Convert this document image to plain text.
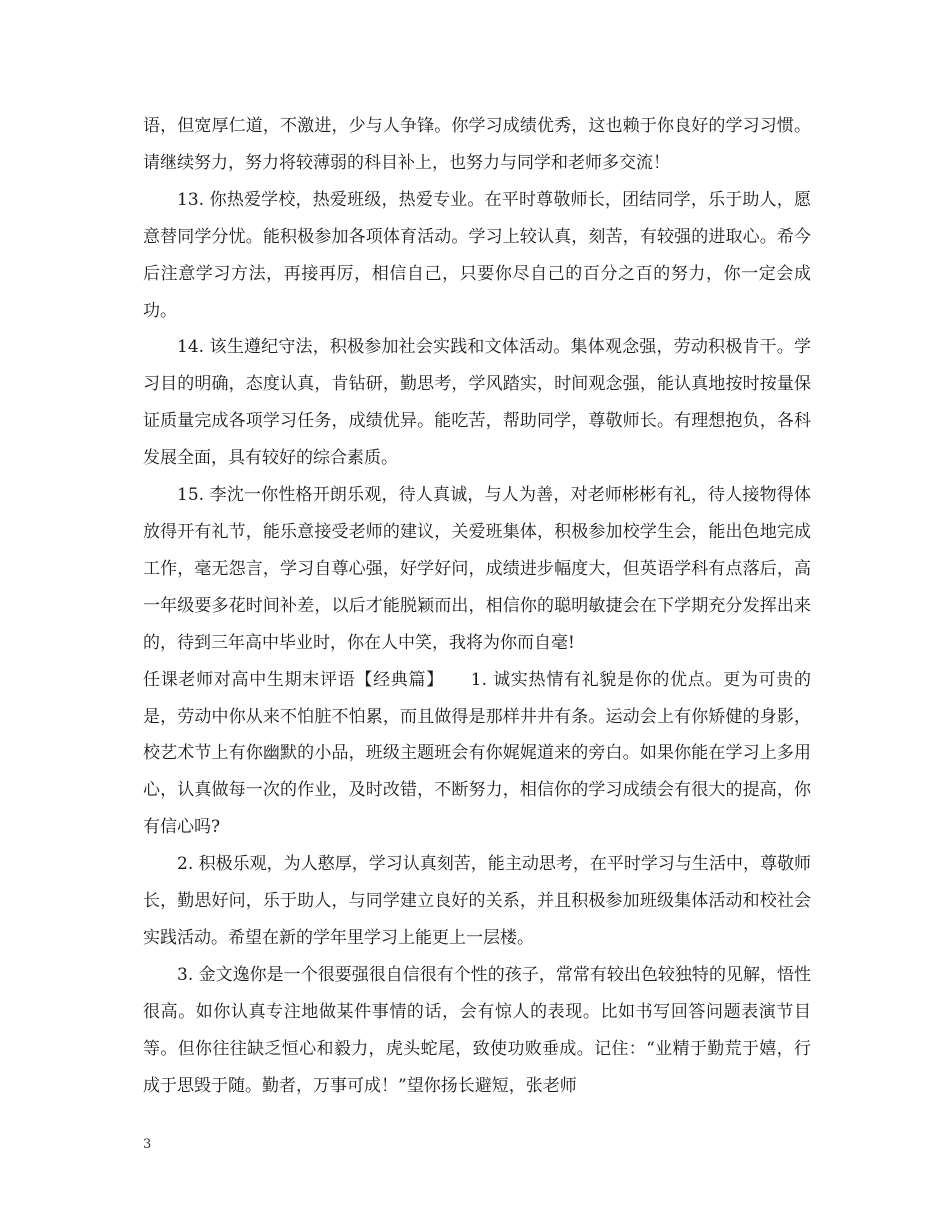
语，但宽厚仁道，不激进，少与人争锋。你学习成绩优秀，这也赖于你良好的学习习惯。请继续努力，努力将较薄弱的科目补上，也努力与同学和老师多交流！

13. 你热爱学校，热爱班级，热爱专业。在平时尊敬师长，团结同学，乐于助人，愿意替同学分忧。能积极参加各项体育活动。学习上较认真，刻苦，有较强的进取心。希今后注意学习方法，再接再厉，相信自己，只要你尽自己的百分之百的努力，你一定会成功。

14. 该生遵纪守法，积极参加社会实践和文体活动。集体观念强，劳动积极肯干。学习目的明确，态度认真，肯钻研，勤思考，学风踏实，时间观念强，能认真地按时按量保证质量完成各项学习任务，成绩优异。能吃苦，帮助同学，尊敬师长。有理想抱负，各科发展全面，具有较好的综合素质。

15. 李沈一你性格开朗乐观，待人真诚，与人为善，对老师彬彬有礼，待人接物得体放得开有礼节，能乐意接受老师的建议，关爱班集体，积极参加校学生会，能出色地完成工作，毫无怨言，学习自尊心强，好学好问，成绩进步幅度大，但英语学科有点落后，高一年级要多花时间补差，以后才能脱颖而出，相信你的聪明敏捷会在下学期充分发挥出来的，待到三年高中毕业时，你在人中笑，我将为你而自毫!

任课老师对高中生期末评语【经典篇】　　1. 诚实热情有礼貌是你的优点。更为可贵的是，劳动中你从来不怕脏不怕累，而且做得是那样井井有条。运动会上有你矫健的身影，校艺术节上有你幽默的小品，班级主题班会有你娓娓道来的旁白。如果你能在学习上多用心，认真做每一次的作业，及时改错，不断努力，相信你的学习成绩会有很大的提高，你有信心吗?

2. 积极乐观，为人憨厚，学习认真刻苦，能主动思考，在平时学习与生活中，尊敬师长，勤思好问，乐于助人，与同学建立良好的关系，并且积极参加班级集体活动和校社会实践活动。希望在新的学年里学习上能更上一层楼。

3. 金文逸你是一个很要强很自信很有个性的孩子，常常有较出色较独特的见解，悟性很高。如你认真专注地做某件事情的话，会有惊人的表现。比如书写回答问题表演节目等。但你往往缺乏恒心和毅力，虎头蛇尾，致使功败垂成。记住：“业精于勤荒于嬉，行成于思毁于随。勤者，万事可成！”望你扬长避短，张老师

3
